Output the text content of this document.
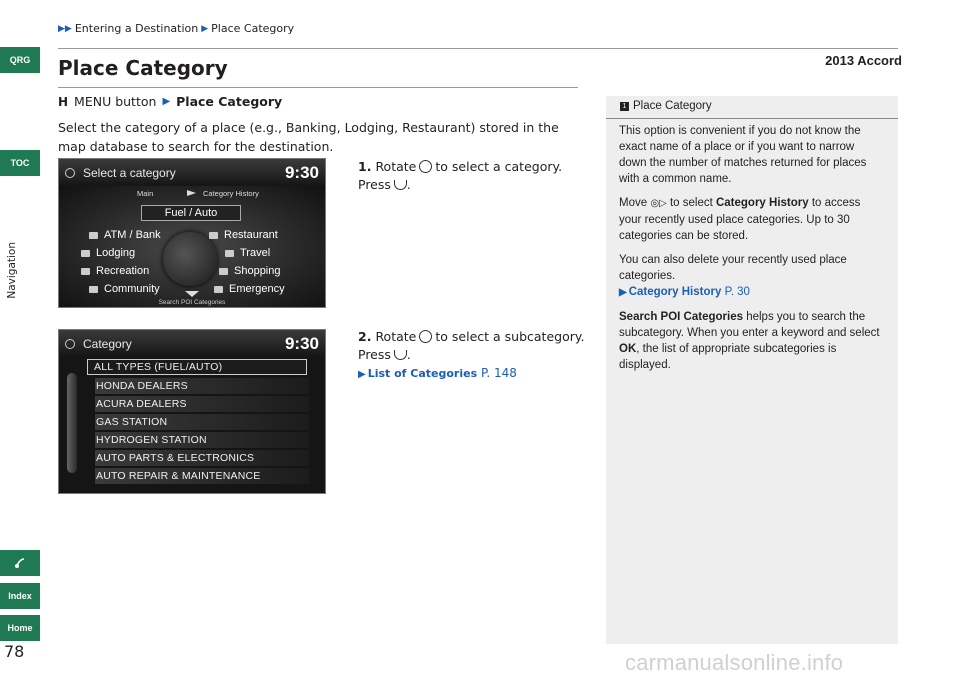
▶▶ Entering a Destination ▶ Place Category
2013 Accord
QRG
TOC
Navigation
Index
Home
78
Place Category
H MENU button ▶ Place Category
Select the category of a place (e.g., Banking, Lodging, Restaurant) stored in the map database to search for the destination.
Select a category	9:30
Main	Category History
Fuel / Auto
ATM / Bank	Restaurant
Lodging	Travel
Recreation	Shopping
Community	Emergency
Search POI Categories
1. Rotate to select a category.
Press .
Category	9:30
ALL TYPES (FUEL/AUTO)
HONDA DEALERS
ACURA DEALERS
GAS STATION
HYDROGEN STATION
AUTO PARTS & ELECTRONICS
AUTO REPAIR & MAINTENANCE
2. Rotate to select a subcategory.
Press .
▶ List of Categories P. 148
1 Place Category

This option is convenient if you do not know the exact name of a place or if you want to narrow down the number of matches returned for places with a common name.

Move ◎▷ to select Category History to access your recently used place categories. Up to 30 categories can be stored.

You can also delete your recently used place categories.
▶ Category History P. 30

Search POI Categories helps you to search the subcategory. When you enter a keyword and select OK, the list of appropriate subcategories is displayed.

carmanualsonline.info
